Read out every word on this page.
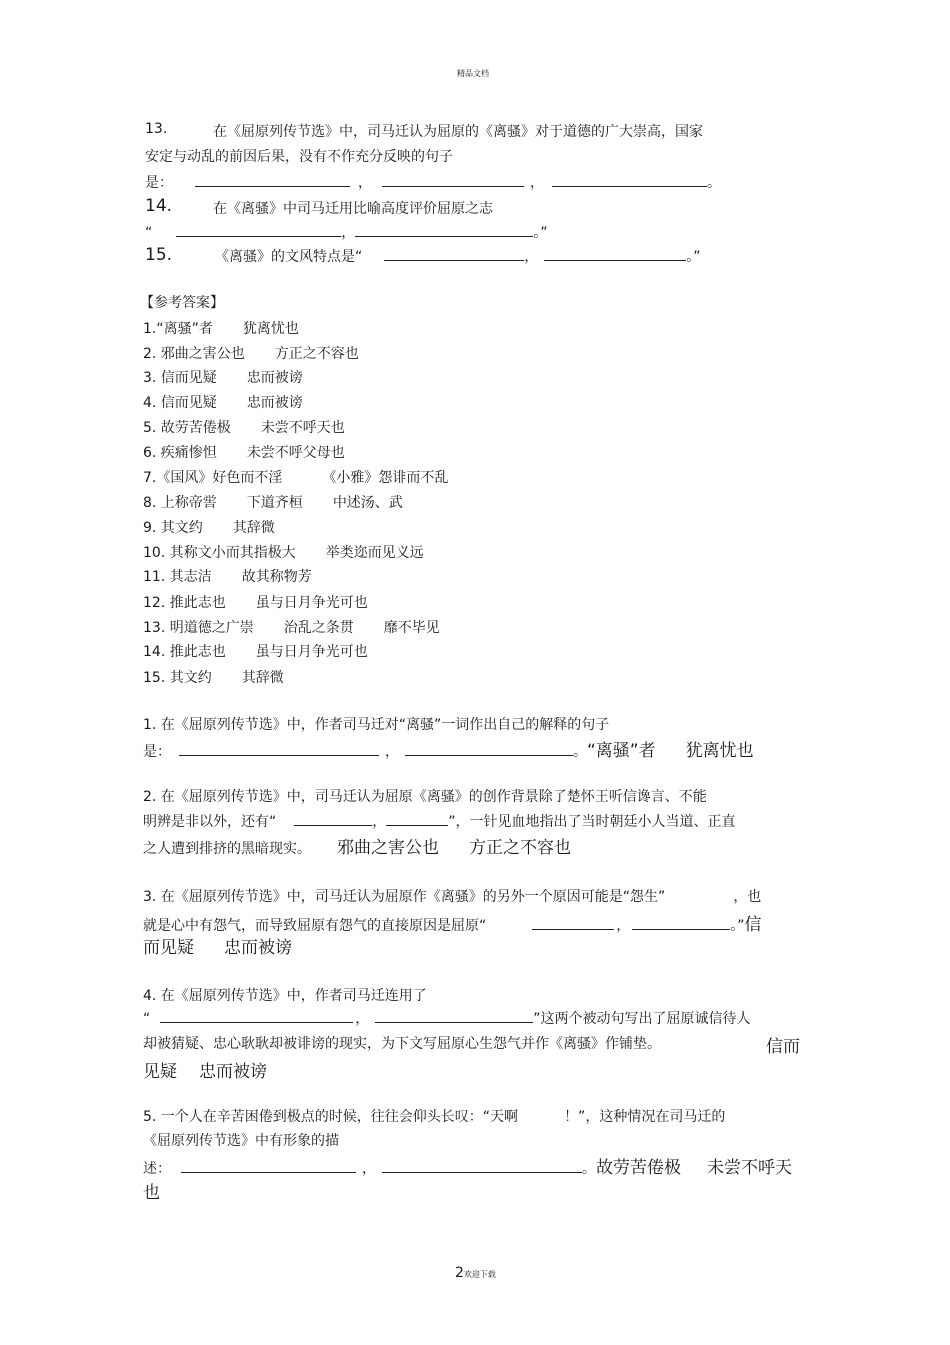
精品文档
13.	在《屈原列传节选》中，司马迁认为屈原的《离骚》对于道德的广大崇高，国家
安定与动乱的前因后果，没有不作充分反映的句子
是：	，	，	。
14.	在《离骚》中司马迁用比喻高度评价屈原之志
“	，	。”
15.	《离骚》的文风特点是“	，	。”
【参考答案】
1.“离骚”者 犹离忧也
2. 邪曲之害公也 方正之不容也
3. 信而见疑 忠而被谤
4. 信而见疑 忠而被谤
5. 故劳苦倦极 未尝不呼天也
6. 疾痛惨怛 未尝不呼父母也
7.《国风》好色而不淫	《小雅》怨诽而不乱
8. 上称帝喾 下道齐桓 中述汤、武
9. 其文约 其辞微
10. 其称文小而其指极大 举类迩而见义远
11. 其志洁 故其称物芳
12. 推此志也 虽与日月争光可也
13. 明道德之广崇 治乱之条贯 靡不毕见
14. 推此志也 虽与日月争光可也
15. 其文约 其辞微
1. 在《屈原列传节选》中，作者司马迁对“离骚”一词作出自己的解释的句子
是：	，	。“离骚”者 犹离忧也
2. 在《屈原列传节选》中，司马迁认为屈原《离骚》的创作背景除了楚怀王听信谗言、不能
明辨是非以外，还有“	，	”，一针见血地指出了当时朝廷小人当道、正直
之人遭到排挤的黑暗现实。 邪曲之害公也 方正之不容也
3. 在《屈原列传节选》中，司马迁认为屈原作《离骚》的另外一个原因可能是“怨生”	，也
就是心中有怨气，而导致屈原有怨气的直接原因是屈原“	，	。”信
而见疑 忠而被谤
4. 在《屈原列传节选》中，作者司马迁连用了
“	，	”这两个被动句写出了屈原诚信待人
却被猜疑、忠心耿耿却被诽谤的现实，为下文写屈原心生怨气并作《离骚》作铺垫。	信而
见疑 忠而被谤
5. 一个人在辛苦困倦到极点的时候，往往会仰头长叹：“天啊	！”，这种情况在司马迁的
《屈原列传节选》中有形象的描
述：	，	。故劳苦倦极 未尝不呼天
也
2欢迎下载
